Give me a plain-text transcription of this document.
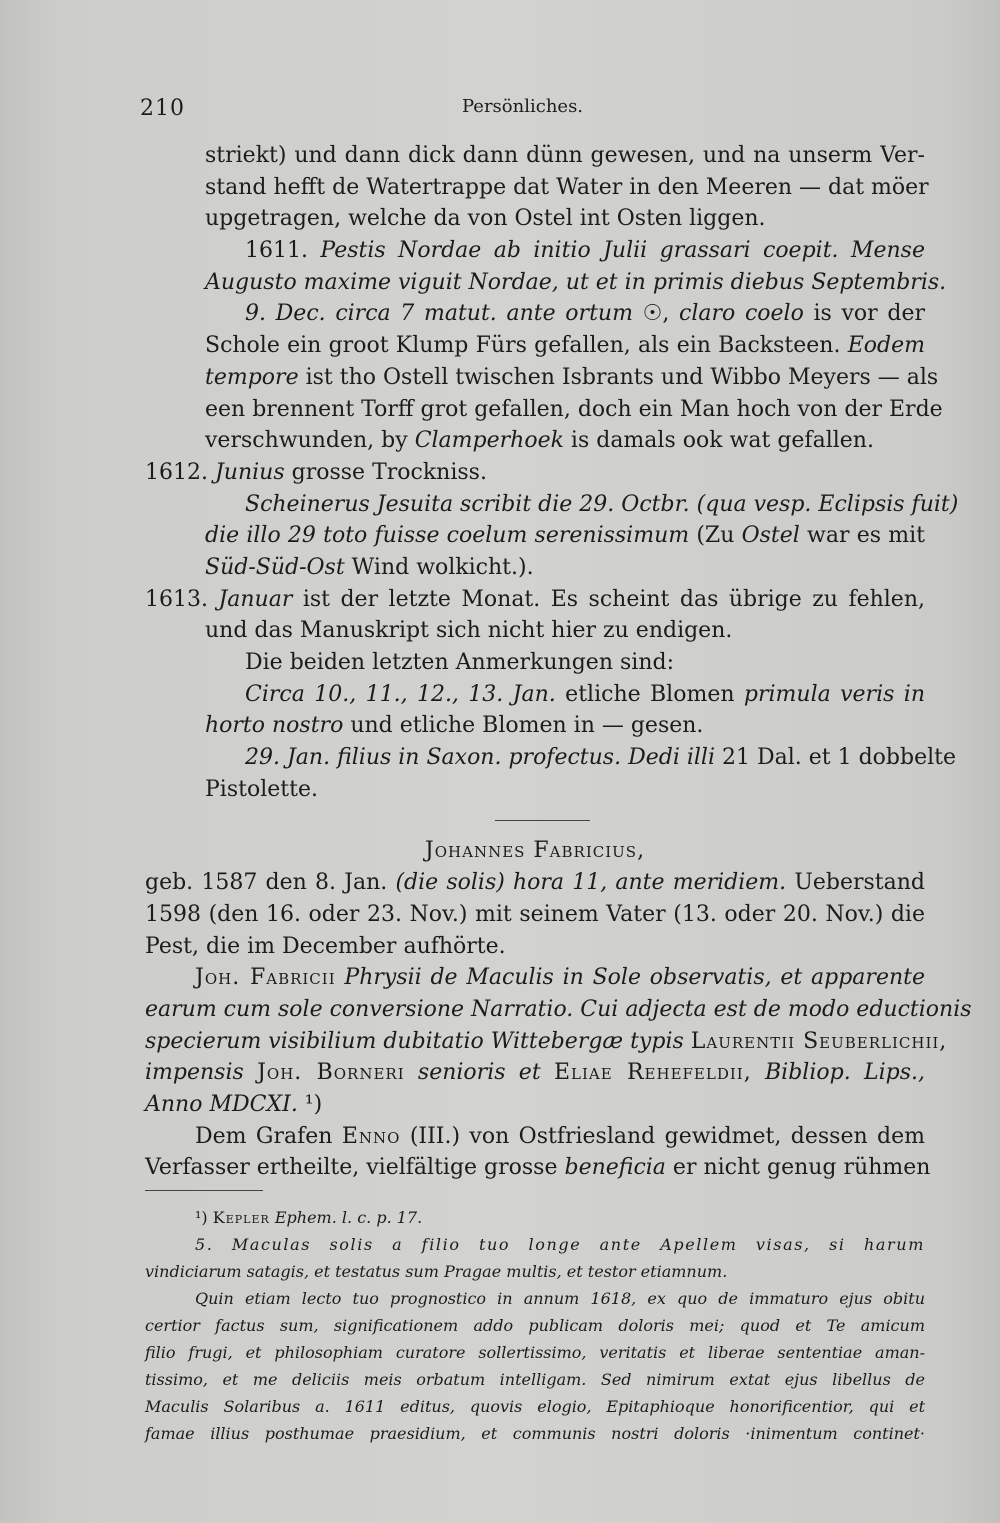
210	Persönliches.
striekt) und dann dick dann dünn gewesen, und na unserm Ver-
stand hefft de Watertrappe dat Water in den Meeren — dat möer
upgetragen, welche da von Ostel int Osten liggen.
1611. Pestis Nordae ab initio Julii grassari coepit. Mense
Augusto maxime viguit Nordae, ut et in primis diebus Septembris.
9. Dec. circa 7 matut. ante ortum ☉, claro coelo is vor der
Schole ein groot Klump Fürs gefallen, als ein Backsteen. Eodem
tempore ist tho Ostell twischen Isbrants und Wibbo Meyers — als
een brennent Torff grot gefallen, doch ein Man hoch von der Erde
verschwunden, by Clamperhoek is damals ook wat gefallen.
1612. Junius grosse Trockniss.
Scheinerus Jesuita scribit die 29. Octbr. (qua vesp. Eclipsis fuit)
die illo 29 toto fuisse coelum serenissimum (Zu Ostel war es mit
Süd-Süd-Ost Wind wolkicht.).
1613. Januar ist der letzte Monat. Es scheint das übrige zu fehlen,
und das Manuskript sich nicht hier zu endigen.
Die beiden letzten Anmerkungen sind:
Circa 10., 11., 12., 13. Jan. etliche Blomen primula veris in
horto nostro und etliche Blomen in — gesen.
29. Jan. filius in Saxon. profectus. Dedi illi 21 Dal. et 1 dobbelte
Pistolette.
Johannes Fabricius,
geb. 1587 den 8. Jan. (die solis) hora 11, ante meridiem. Ueberstand
1598 (den 16. oder 23. Nov.) mit seinem Vater (13. oder 20. Nov.) die
Pest, die im December aufhörte.
Joh. Fabricii Phrysii de Maculis in Sole observatis, et apparente
earum cum sole conversione Narratio. Cui adjecta est de modo eductionis
specierum visibilium dubitatio Wittebergæ typis Laurentii Seuberlichii,
impensis Joh. Borneri senioris et Eliae Rehefeldii, Bibliop. Lips.,
Anno MDCXI. ¹)
Dem Grafen Enno (III.) von Ostfriesland gewidmet, dessen dem
Verfasser ertheilte, vielfältige grosse beneficia er nicht genug rühmen
¹) Kepler Ephem. l. c. p. 17.
5. Maculas solis a filio tuo longe ante Apellem visas, si harum
vindiciarum satagis, et testatus sum Pragae multis, et testor etiamnum.
Quin etiam lecto tuo prognostico in annum 1618, ex quo de immaturo ejus obitu
certior factus sum, significationem addo publicam doloris mei; quod et Te amicum
filio frugi, et philosophiam curatore sollertissimo, veritatis et liberae sententiae aman-
tissimo, et me deliciis meis orbatum intelligam. Sed nimirum extat ejus libellus de
Maculis Solaribus a. 1611 editus, quovis elogio, Epitaphioque honorificentior, qui et
famae illius posthumae praesidium, et communis nostri doloris ·inimentum continet·
